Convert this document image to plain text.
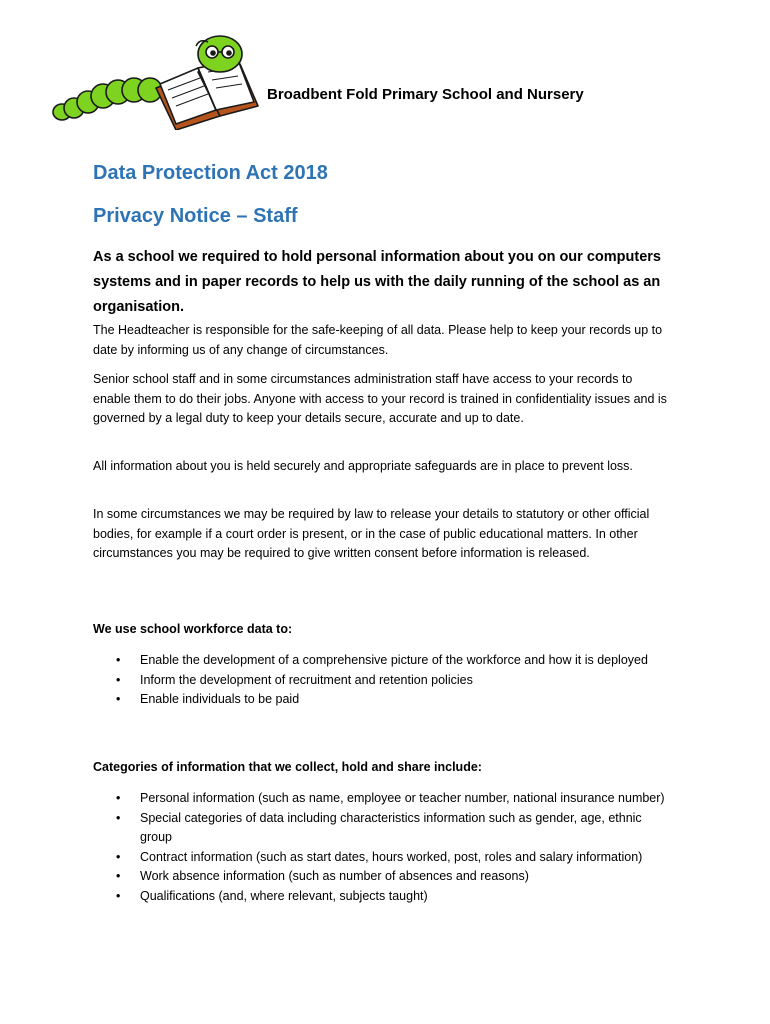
Broadbent Fold Primary School and Nursery
Data Protection Act 2018
Privacy Notice – Staff

As a school we required to hold personal information about you on our computers systems and in paper records to help us with the daily running of the school as an organisation.

The Headteacher is responsible for the safe-keeping of all data. Please help to keep your records up to date by informing us of any change of circumstances.

Senior school staff and in some circumstances administration staff have access to your records to enable them to do their jobs. Anyone with access to your record is trained in confidentiality issues and is governed by a legal duty to keep your details secure, accurate and up to date.

All information about you is held securely and appropriate safeguards are in place to prevent loss.

In some circumstances we may be required by law to release your details to statutory or other official bodies, for example if a court order is present, or in the case of public educational matters. In other circumstances you may be required to give written consent before information is released.

We use school workforce data to:
• Enable the development of a comprehensive picture of the workforce and how it is deployed
• Inform the development of recruitment and retention policies
• Enable individuals to be paid
Categories of information that we collect, hold and share include:
• Personal information (such as name, employee or teacher number, national insurance number)
• Special categories of data including characteristics information such as gender, age, ethnic group
• Contract information (such as start dates, hours worked, post, roles and salary information)
• Work absence information (such as number of absences and reasons)
• Qualifications (and, where relevant, subjects taught)
